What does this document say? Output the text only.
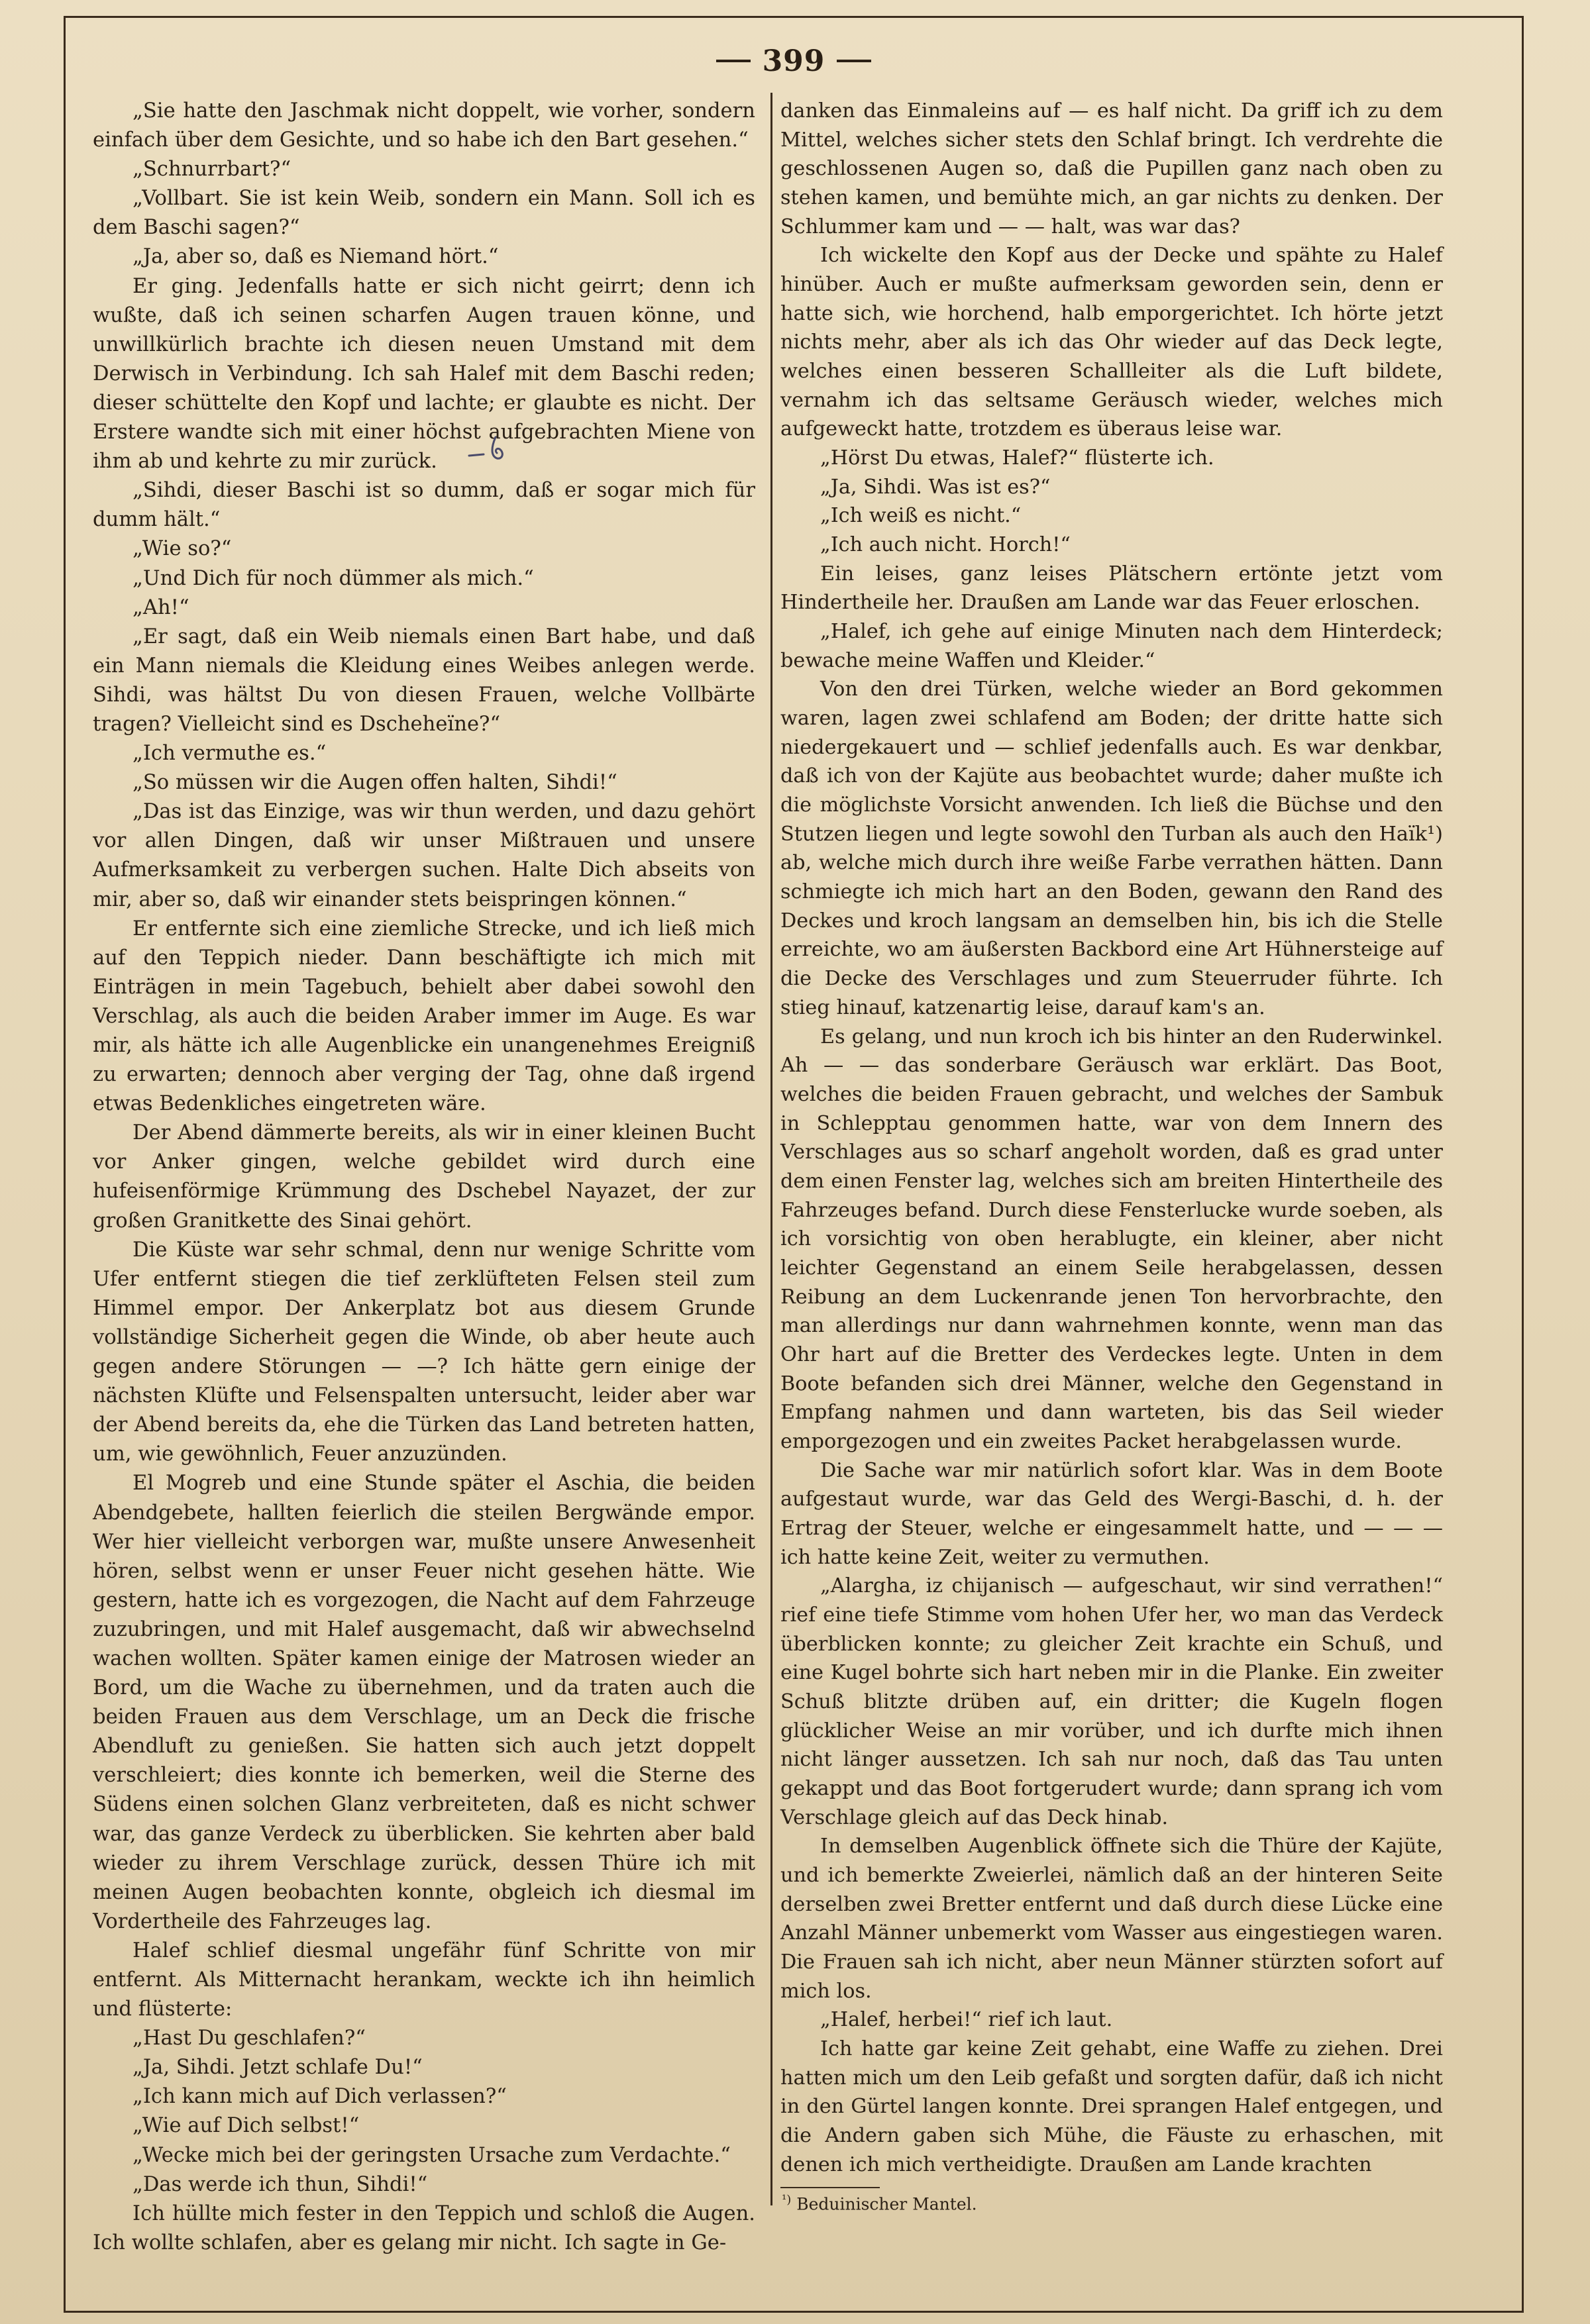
399

„Sie hatte den Jaschmak nicht doppelt, wie vorher, sondern einfach über dem Gesichte, und so habe ich den Bart gesehen.“

„Schnurrbart?“

„Vollbart. Sie ist kein Weib, sondern ein Mann. Soll ich es dem Baschi sagen?“

„Ja, aber so, daß es Niemand hört.“

Er ging. Jedenfalls hatte er sich nicht geirrt; denn ich wußte, daß ich seinen scharfen Augen trauen könne, und unwillkürlich brachte ich diesen neuen Umstand mit dem Derwisch in Verbindung. Ich sah Halef mit dem Baschi reden; dieser schüttelte den Kopf und lachte; er glaubte es nicht. Der Erstere wandte sich mit einer höchst aufgebrachten Miene von ihm ab und kehrte zu mir zurück.

„Sihdi, dieser Baschi ist so dumm, daß er sogar mich für dumm hält.“

„Wie so?“

„Und Dich für noch dümmer als mich.“

„Ah!“

„Er sagt, daß ein Weib niemals einen Bart habe, und daß ein Mann niemals die Kleidung eines Weibes anlegen werde. Sihdi, was hältst Du von diesen Frauen, welche Vollbärte tragen? Vielleicht sind es Dscheheïne?“

„Ich vermuthe es.“

„So müssen wir die Augen offen halten, Sihdi!“

„Das ist das Einzige, was wir thun werden, und dazu gehört vor allen Dingen, daß wir unser Mißtrauen und unsere Aufmerksamkeit zu verbergen suchen. Halte Dich abseits von mir, aber so, daß wir einander stets beispringen können.“

Er entfernte sich eine ziemliche Strecke, und ich ließ mich auf den Teppich nieder. Dann beschäftigte ich mich mit Einträgen in mein Tagebuch, behielt aber dabei sowohl den Verschlag, als auch die beiden Araber immer im Auge. Es war mir, als hätte ich alle Augenblicke ein unangenehmes Ereigniß zu erwarten; dennoch aber verging der Tag, ohne daß irgend etwas Bedenkliches eingetreten wäre.

Der Abend dämmerte bereits, als wir in einer kleinen Bucht vor Anker gingen, welche gebildet wird durch eine hufeisenförmige Krümmung des Dschebel Nayazet, der zur großen Granitkette des Sinai gehört.

Die Küste war sehr schmal, denn nur wenige Schritte vom Ufer entfernt stiegen die tief zerklüfteten Felsen steil zum Himmel empor. Der Ankerplatz bot aus diesem Grunde vollständige Sicherheit gegen die Winde, ob aber heute auch gegen andere Störungen — —? Ich hätte gern einige der nächsten Klüfte und Felsenspalten untersucht, leider aber war der Abend bereits da, ehe die Türken das Land betreten hatten, um, wie gewöhnlich, Feuer anzuzünden.

El Mogreb und eine Stunde später el Aschia, die beiden Abendgebete, hallten feierlich die steilen Bergwände empor. Wer hier vielleicht verborgen war, mußte unsere Anwesenheit hören, selbst wenn er unser Feuer nicht gesehen hätte. Wie gestern, hatte ich es vorgezogen, die Nacht auf dem Fahrzeuge zuzubringen, und mit Halef ausgemacht, daß wir abwechselnd wachen wollten. Später kamen einige der Matrosen wieder an Bord, um die Wache zu übernehmen, und da traten auch die beiden Frauen aus dem Verschlage, um an Deck die frische Abendluft zu genießen. Sie hatten sich auch jetzt doppelt verschleiert; dies konnte ich bemerken, weil die Sterne des Südens einen solchen Glanz verbreiteten, daß es nicht schwer war, das ganze Verdeck zu überblicken. Sie kehrten aber bald wieder zu ihrem Verschlage zurück, dessen Thüre ich mit meinen Augen beobachten konnte, obgleich ich diesmal im Vordertheile des Fahrzeuges lag.

Halef schlief diesmal ungefähr fünf Schritte von mir entfernt. Als Mitternacht herankam, weckte ich ihn heimlich und flüsterte:

„Hast Du geschlafen?“

„Ja, Sihdi. Jetzt schlafe Du!“

„Ich kann mich auf Dich verlassen?“

„Wie auf Dich selbst!“

„Wecke mich bei der geringsten Ursache zum Verdachte.“

„Das werde ich thun, Sihdi!“

Ich hüllte mich fester in den Teppich und schloß die Augen. Ich wollte schlafen, aber es gelang mir nicht. Ich sagte in Ge-

danken das Einmaleins auf — es half nicht. Da griff ich zu dem Mittel, welches sicher stets den Schlaf bringt. Ich verdrehte die geschlossenen Augen so, daß die Pupillen ganz nach oben zu stehen kamen, und bemühte mich, an gar nichts zu denken. Der Schlummer kam und — — halt, was war das?

Ich wickelte den Kopf aus der Decke und spähte zu Halef hinüber. Auch er mußte aufmerksam geworden sein, denn er hatte sich, wie horchend, halb emporgerichtet. Ich hörte jetzt nichts mehr, aber als ich das Ohr wieder auf das Deck legte, welches einen besseren Schallleiter als die Luft bildete, vernahm ich das seltsame Geräusch wieder, welches mich aufgeweckt hatte, trotzdem es überaus leise war.

„Hörst Du etwas, Halef?“ flüsterte ich.

„Ja, Sihdi. Was ist es?“

„Ich weiß es nicht.“

„Ich auch nicht. Horch!“

Ein leises, ganz leises Plätschern ertönte jetzt vom Hindertheile her. Draußen am Lande war das Feuer erloschen.

„Halef, ich gehe auf einige Minuten nach dem Hinterdeck; bewache meine Waffen und Kleider.“

Von den drei Türken, welche wieder an Bord gekommen waren, lagen zwei schlafend am Boden; der dritte hatte sich niedergekauert und — schlief jedenfalls auch. Es war denkbar, daß ich von der Kajüte aus beobachtet wurde; daher mußte ich die möglichste Vorsicht anwenden. Ich ließ die Büchse und den Stutzen liegen und legte sowohl den Turban als auch den Haïk¹) ab, welche mich durch ihre weiße Farbe verrathen hätten. Dann schmiegte ich mich hart an den Boden, gewann den Rand des Deckes und kroch langsam an demselben hin, bis ich die Stelle erreichte, wo am äußersten Backbord eine Art Hühnersteige auf die Decke des Verschlages und zum Steuerruder führte. Ich stieg hinauf, katzenartig leise, darauf kam's an.

Es gelang, und nun kroch ich bis hinter an den Ruderwinkel. Ah — — das sonderbare Geräusch war erklärt. Das Boot, welches die beiden Frauen gebracht, und welches der Sambuk in Schlepptau genommen hatte, war von dem Innern des Verschlages aus so scharf angeholt worden, daß es grad unter dem einen Fenster lag, welches sich am breiten Hintertheile des Fahrzeuges befand. Durch diese Fensterlucke wurde soeben, als ich vorsichtig von oben herablugte, ein kleiner, aber nicht leichter Gegenstand an einem Seile herabgelassen, dessen Reibung an dem Luckenrande jenen Ton hervorbrachte, den man allerdings nur dann wahrnehmen konnte, wenn man das Ohr hart auf die Bretter des Verdeckes legte. Unten in dem Boote befanden sich drei Männer, welche den Gegenstand in Empfang nahmen und dann warteten, bis das Seil wieder emporgezogen und ein zweites Packet herabgelassen wurde.

Die Sache war mir natürlich sofort klar. Was in dem Boote aufgestaut wurde, war das Geld des Wergi-Baschi, d. h. der Ertrag der Steuer, welche er eingesammelt hatte, und — — — ich hatte keine Zeit, weiter zu vermuthen.

„Alargha, iz chijanisch — aufgeschaut, wir sind verrathen!“ rief eine tiefe Stimme vom hohen Ufer her, wo man das Verdeck überblicken konnte; zu gleicher Zeit krachte ein Schuß, und eine Kugel bohrte sich hart neben mir in die Planke. Ein zweiter Schuß blitzte drüben auf, ein dritter; die Kugeln flogen glücklicher Weise an mir vorüber, und ich durfte mich ihnen nicht länger aussetzen. Ich sah nur noch, daß das Tau unten gekappt und das Boot fortgerudert wurde; dann sprang ich vom Verschlage gleich auf das Deck hinab.

In demselben Augenblick öffnete sich die Thüre der Kajüte, und ich bemerkte Zweierlei, nämlich daß an der hinteren Seite derselben zwei Bretter entfernt und daß durch diese Lücke eine Anzahl Männer unbemerkt vom Wasser aus eingestiegen waren. Die Frauen sah ich nicht, aber neun Männer stürzten sofort auf mich los.

„Halef, herbei!“ rief ich laut.

Ich hatte gar keine Zeit gehabt, eine Waffe zu ziehen. Drei hatten mich um den Leib gefaßt und sorgten dafür, daß ich nicht in den Gürtel langen konnte. Drei sprangen Halef entgegen, und die Andern gaben sich Mühe, die Fäuste zu erhaschen, mit denen ich mich vertheidigte. Draußen am Lande krachten

$^{^1)}$ Beduinischer Mantel.
